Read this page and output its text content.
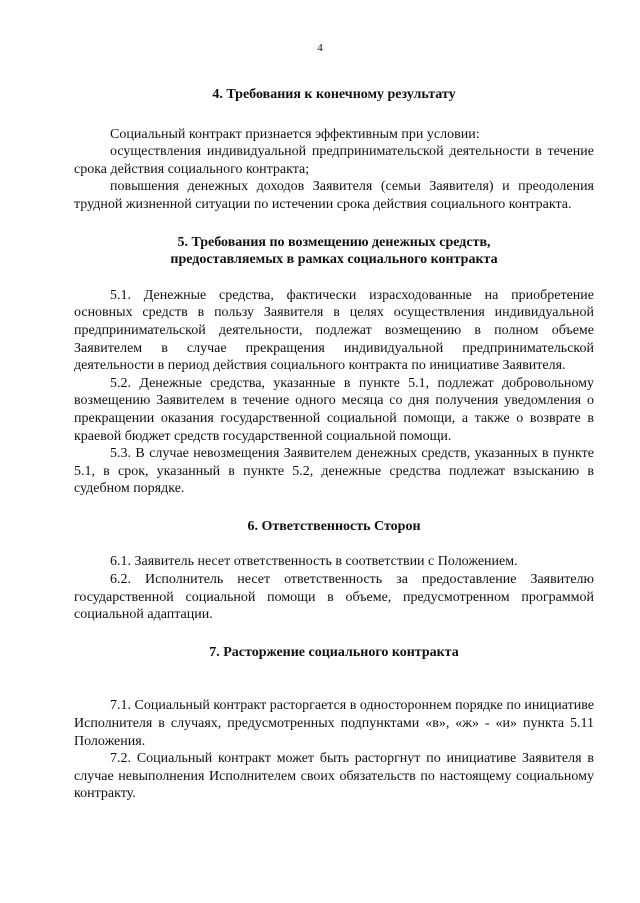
4
4. Требования к конечному результату

Социальный контракт признается эффективным при условии:

осуществления индивидуальной предпринимательской деятельности в течение срока действия социального контракта;

повышения денежных доходов Заявителя (семьи Заявителя) и преодоления трудной жизненной ситуации по истечении срока действия социального контракта.

5. Требования по возмещению денежных средств,
предоставляемых в рамках социального контракта

5.1. Денежные средства, фактически израсходованные на приобретение основных средств в пользу Заявителя в целях осуществления индивидуальной предпринимательской деятельности, подлежат возмещению в полном объеме Заявителем в случае прекращения индивидуальной предпринимательской деятельности в период действия социального контракта по инициативе Заявителя.

5.2. Денежные средства, указанные в пункте 5.1, подлежат добровольному возмещению Заявителем в течение одного месяца со дня получения уведомления о прекращении оказания государственной социальной помощи, а также о возврате в краевой бюджет средств государственной социальной помощи.

5.3. В случае невозмещения Заявителем денежных средств, указанных в пункте 5.1, в срок, указанный в пункте 5.2, денежные средства подлежат взысканию в судебном порядке.

6. Ответственность Сторон

6.1. Заявитель несет ответственность в соответствии с Положением.

6.2. Исполнитель несет ответственность за предоставление Заявителю государственной социальной помощи в объеме, предусмотренном программой социальной адаптации.

7. Расторжение социального контракта

7.1. Социальный контракт расторгается в одностороннем порядке по инициативе Исполнителя в случаях, предусмотренных подпунктами «в», «ж» - «и» пункта 5.11 Положения.

7.2. Социальный контракт может быть расторгнут по инициативе Заявителя в случае невыполнения Исполнителем своих обязательств по настоящему социальному контракту.
